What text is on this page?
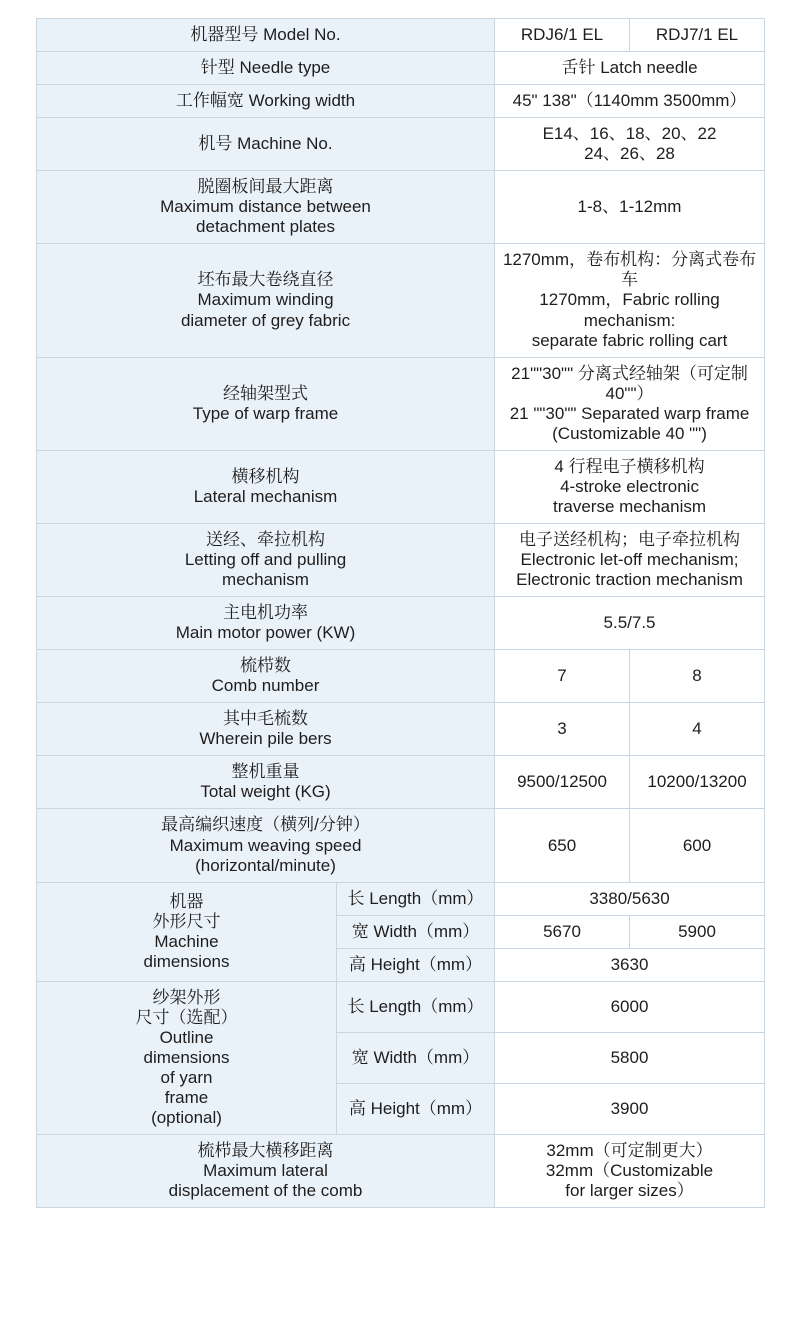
机器型号 Model No.		RDJ6/1 EL	RDJ7/1 EL
针型 Needle type		舌针 Latch needle	
工作幅宽 Working width		45" 138"（1140mm 3500mm）	
机号 Machine No.		E14、16、18、20、22
24、26、28	

脱圈板间最大距离
Maximum distance between
detachment plates		1-8、1-12mm	

坯布最大卷绕直径
Maximum winding
diameter of grey fabric		1270mm，卷布机构：分离式卷布车
1270mm，Fabric rolling mechanism:
separate fabric rolling cart	

经轴架型式
Type of warp frame		21""30"" 分离式经轴架（可定制 40""）
21 ""30"" Separated warp frame
(Customizable 40 "")	

横移机构
Lateral mechanism		4 行程电子横移机构
4-stroke electronic
traverse mechanism	

送经、牵拉机构
Letting off and pulling
mechanism		电子送经机构；电子牵拉机构
Electronic let-off mechanism;
Electronic traction mechanism	

主电机功率
Main motor power (KW)		5.5/7.5	

梳栉数
Comb number		7	8

其中毛梳数
Wherein pile bers		3	4

整机重量
Total weight (KG)		9500/12500	10200/13200

最高编织速度（横列/分钟）
Maximum weaving speed
(horizontal/minute)		650	600

机器
外形尺寸
Machine
dimensions	长 Length（mm）	3380/5630	
	宽 Width（mm）	5670	5900
	高 Height（mm）	3630	

纱架外形
尺寸（选配）
Outline
dimensions
of yarn
frame
(optional)
	长 Length（mm）	6000
	宽 Width（mm）	5800	
	高 Height（mm）	3900	

梳栉最大横移距离
Maximum lateral
displacement of the comb		32mm（可定制更大）
32mm（Customizable
for larger sizes）	
